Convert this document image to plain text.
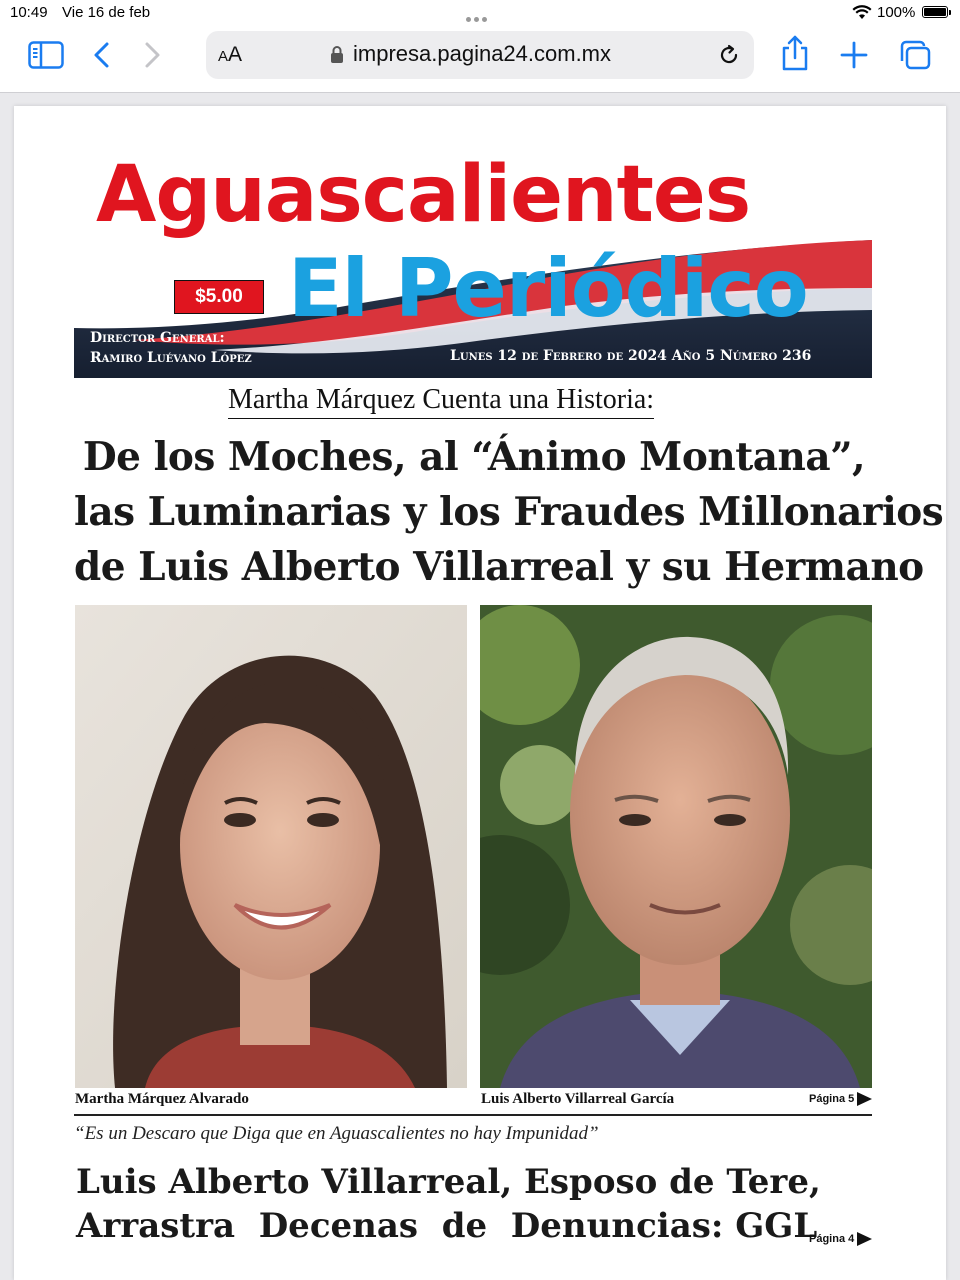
10:49 Vie 16 de feb	100%
AA	impresa.pagina24.com.mx
Aguascalientes
El Periódico
$5.00
Director General:
Ramiro Luévano López	Lunes 12 de Febrero de 2024 Año 5 Número 236
Martha Márquez Cuenta una Historia:
De los Moches, al “Ánimo Montana”,
las Luminarias y los Fraudes Millonarios
de Luis Alberto Villarreal y su Hermano
Martha Márquez Alvarado	Luis Alberto Villarreal García	Página 5
“Es un Descaro que Diga que en Aguascalientes no hay Impunidad”
Luis Alberto Villarreal, Esposo de Tere,
Arrastra  Decenas  de  Denuncias: GGL
Página 4
